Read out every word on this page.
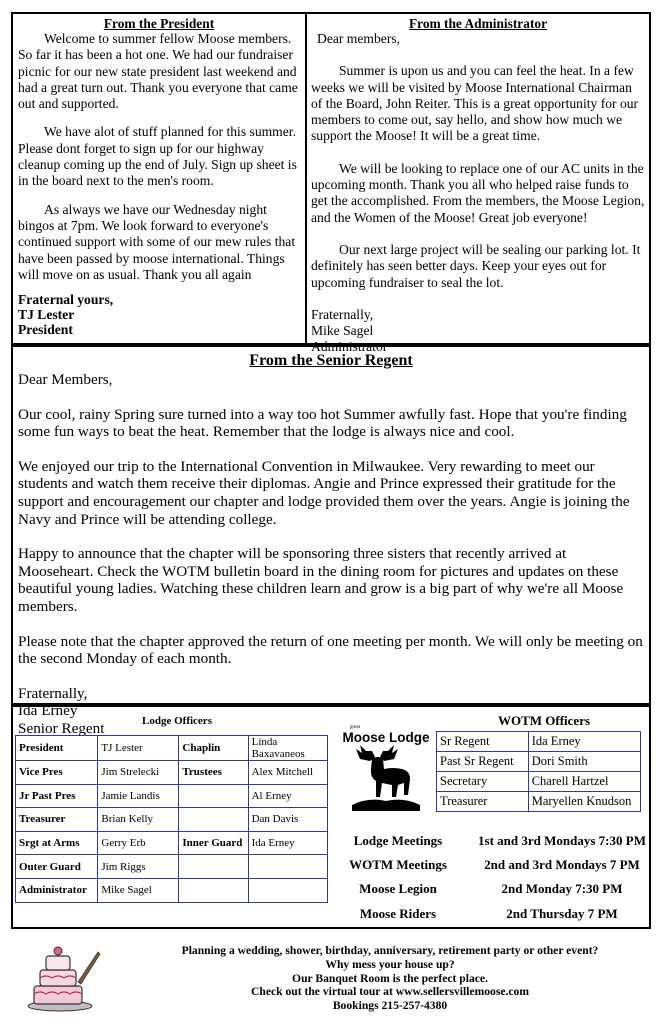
From the President

Welcome to summer fellow Moose members. So far it has been a hot one. We had our fundraiser picnic for our new state president last weekend and had a great turn out. Thank you everyone that came out and supported.

We have alot of stuff planned for this summer. Please dont forget to sign up for our highway cleanup coming up the end of July. Sign up sheet is in the board next to the men's room.

As always we have our Wednesday night bingos at 7pm. We look forward to everyone's continued support with some of our mew rules that have been passed by moose international. Things will move on as usual. Thank you all again

Fraternal yours,
TJ Lester
President
From the Administrator

Dear members,

Summer is upon us and you can feel the heat. In a few weeks we will be visited by Moose International Chairman of the Board, John Reiter. This is a great opportunity for our members to come out, say hello, and show how much we support the Moose! It will be a great time.

We will be looking to replace one of our AC units in the upcoming month. Thank you all who helped raise funds to get the accomplished. From the members, the Moose Legion, and the Women of the Moose! Great job everyone!

Our next large project will be sealing our parking lot. It definitely has seen better days. Keep your eyes out for upcoming fundraiser to seal the lot.

Fraternally,
Mike Sagel
Administrator
From the Senior Regent

Dear Members,

Our cool, rainy Spring sure turned into a way too hot Summer awfully fast. Hope that you're finding some fun ways to beat the heat. Remember that the lodge is always nice and cool.

We enjoyed our trip to the International Convention in Milwaukee. Very rewarding to meet our students and watch them receive their diplomas. Angie and Prince expressed their gratitude for the support and encouragement our chapter and lodge provided them over the years. Angie is joining the Navy and Prince will be attending college.

Happy to announce that the chapter will be sponsoring three sisters that recently arrived at Mooseheart. Check the WOTM bulletin board in the dining room for pictures and updates on these beautiful young ladies. Watching these children learn and grow is a big part of why we're all Moose members.

Please note that the chapter approved the return of one meeting per month. We will only be meeting on the second Monday of each month.

Fraternally,
Ida Erney
Senior Regent	Lodge Officers
President	TJ Lester	Chaplin	Linda Baxavaneos
Vice Pres	Jim Strelecki	Trustees	Alex Mitchell
Jr Past Pres	Jamie Landis		Al Erney
Treasurer	Brian Kelly		Dan Davis
Srgt at Arms	Gerry Erb	Inner Guard	Ida Erney
Outer Guard	Jim Riggs		
Administrator	Mike Sagel		
great
Moose Lodge
WOTM Officers
Sr Regent	Ida Erney
Past Sr Regent	Dori Smith
Secretary	Charell Hartzel
Treasurer	Maryellen Knudson
Lodge Meetings	1st and 3rd Mondays 7:30 PM
WOTM Meetings	2nd and 3rd Mondays 7 PM
Moose Legion	2nd Monday 7:30 PM
Moose Riders	2nd Thursday 7 PM
Planning a wedding, shower, birthday, anniversary, retirement party or other event?
Why mess your house up?
Our Banquet Room is the perfect place.
Check out the virtual tour at www.sellersvillemoose.com
Bookings 215-257-4380
